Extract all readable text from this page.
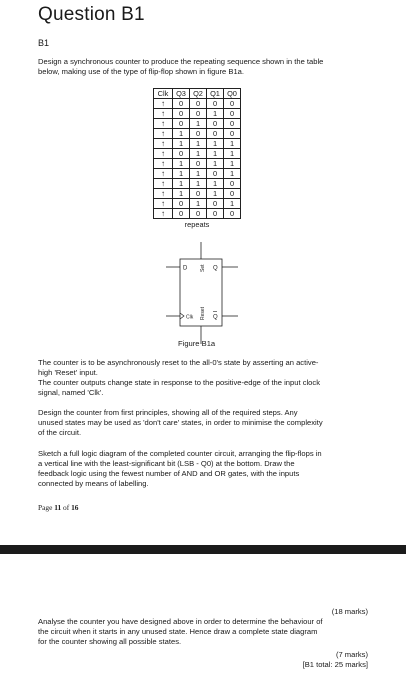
Question B1
B1
Design a synchronous counter to produce the repeating sequence shown in the table
below, making use of the type of flip-flop shown in figure B1a.
Clk	Q3	Q2	Q1	Q0
↑	0	0	0	0
↑	0	0	1	0
↑	0	1	0	0
↑	1	0	0	0
↑	1	1	1	1
↑	0	1	1	1
↑	1	0	1	1
↑	1	1	0	1
↑	1	1	1	0
↑	1	0	1	0
↑	0	1	0	1
↑	0	0	0	0
repeats				
D	Q
Clk	Q
Set
Reset
Figure B1a
The counter is to be asynchronously reset to the all-0's state by asserting an active-
high 'Reset' input.
The counter outputs change state in response to the positive-edge of the input clock
signal, named 'Clk'.
Design the counter from first principles, showing all of the required steps. Any
unused states may be used as 'don't care' states, in order to minimise the complexity
of the circuit.
Sketch a full logic diagram of the completed counter circuit, arranging the flip-flops in
a vertical line with the least-significant bit (LSB - Q0) at the bottom. Draw the
feedback logic using the fewest number of AND and OR gates, with the inputs
connected by means of labelling.
Page 11 of 16
(18 marks)
Analyse the counter you have designed above in order to determine the behaviour of
the circuit when it starts in any unused state. Hence draw a complete state diagram
for the counter showing all possible states.
(7 marks)
[B1 total: 25 marks]
